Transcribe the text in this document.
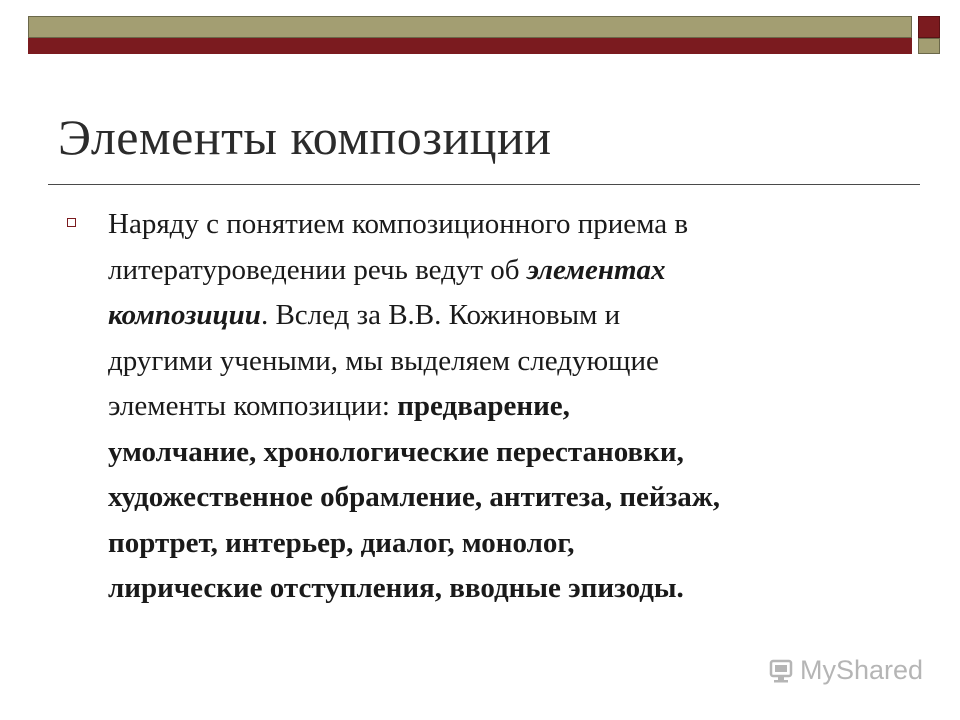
Элементы композиции
Наряду с понятием композиционного приема в
литературоведении речь ведут об элементах
композиции. Вслед за В.В. Кожиновым и
другими учеными, мы выделяем следующие
элементы композиции: предварение,
умолчание, хронологические перестановки,
художественное обрамление, антитеза, пейзаж,
портрет, интерьер, диалог, монолог,
лирические отступления, вводные эпизоды.
MyShared
